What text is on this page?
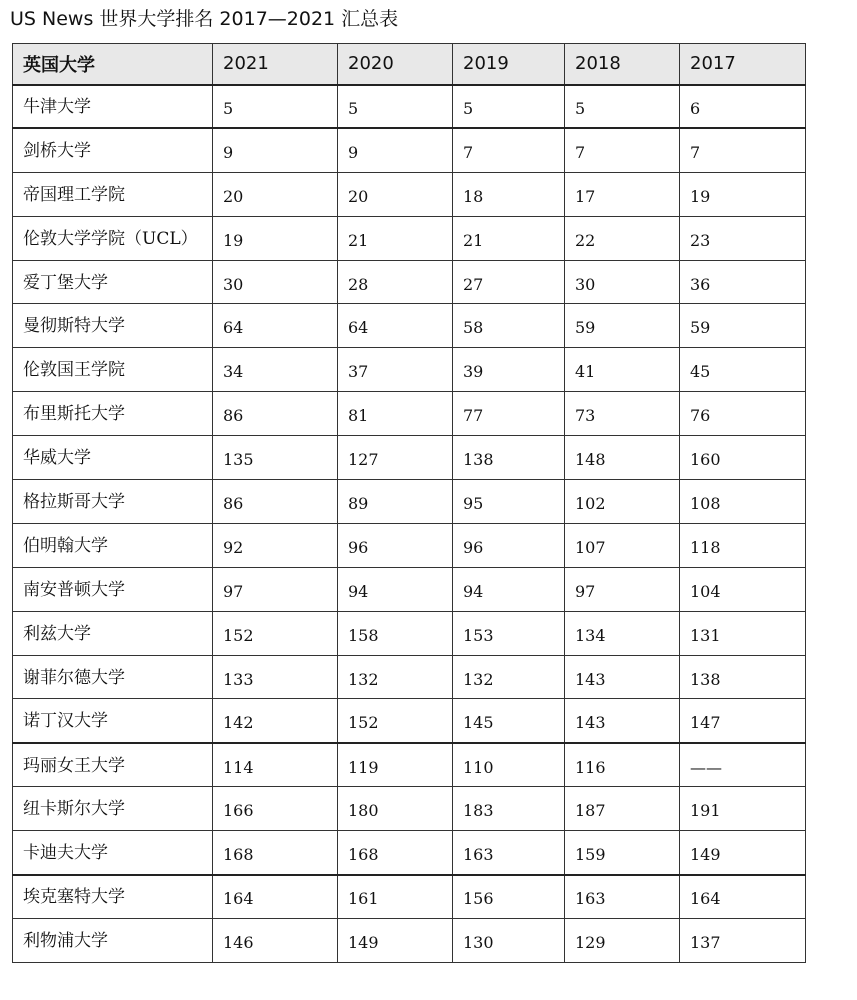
US News 世界大学排名 2017—2021 汇总表
英国大学	2021	2020	2019	2018	2017
牛津大学	5	5	5	5	6
剑桥大学	9	9	7	7	7
帝国理工学院	20	20	18	17	19
伦敦大学学院（UCL）	19	21	21	22	23
爱丁堡大学	30	28	27	30	36
曼彻斯特大学	64	64	58	59	59
伦敦国王学院	34	37	39	41	45
布里斯托大学	86	81	77	73	76
华威大学	135	127	138	148	160
格拉斯哥大学	86	89	95	102	108
伯明翰大学	92	96	96	107	118
南安普顿大学	97	94	94	97	104
利兹大学	152	158	153	134	131
谢菲尔德大学	133	132	132	143	138
诺丁汉大学	142	152	145	143	147
玛丽女王大学	114	119	110	116	——
纽卡斯尔大学	166	180	183	187	191
卡迪夫大学	168	168	163	159	149
埃克塞特大学	164	161	156	163	164
利物浦大学	146	149	130	129	137
